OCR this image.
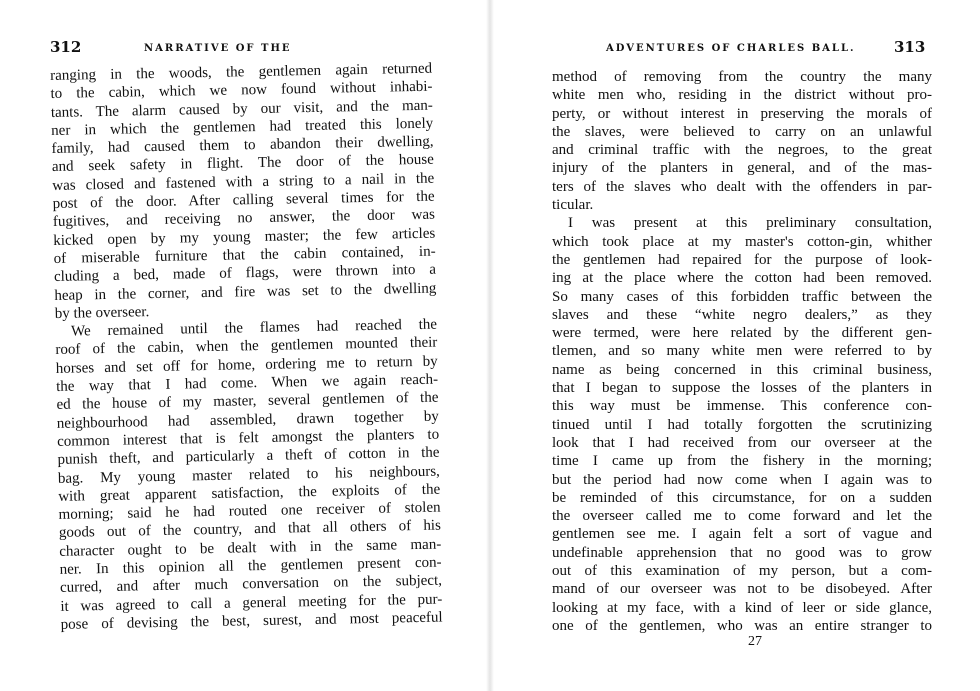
312	NARRATIVE OF THE
ranging in the woods, the gentlemen again returned
to the cabin, which we now found without inhabi-
tants. The alarm caused by our visit, and the man-
ner in which the gentlemen had treated this lonely
family, had caused them to abandon their dwelling,
and seek safety in flight. The door of the house
was closed and fastened with a string to a nail in the
post of the door. After calling several times for the
fugitives, and receiving no answer, the door was
kicked open by my young master; the few articles
of miserable furniture that the cabin contained, in-
cluding a bed, made of flags, were thrown into a
heap in the corner, and fire was set to the dwelling
by the overseer.
We remained until the flames had reached the
roof of the cabin, when the gentlemen mounted their
horses and set off for home, ordering me to return by
the way that I had come. When we again reach-
ed the house of my master, several gentlemen of the
neighbourhood had assembled, drawn together by
common interest that is felt amongst the planters to
punish theft, and particularly a theft of cotton in the
bag. My young master related to his neighbours,
with great apparent satisfaction, the exploits of the
morning; said he had routed one receiver of stolen
goods out of the country, and that all others of his
character ought to be dealt with in the same man-
ner. In this opinion all the gentlemen present con-
curred, and after much conversation on the subject,
it was agreed to call a general meeting for the pur-
pose of devising the best, surest, and most peaceful
ADVENTURES OF CHARLES BALL.	313
method of removing from the country the many
white men who, residing in the district without pro-
perty, or without interest in preserving the morals of
the slaves, were believed to carry on an unlawful
and criminal traffic with the negroes, to the great
injury of the planters in general, and of the mas-
ters of the slaves who dealt with the offenders in par-
ticular.
I was present at this preliminary consultation,
which took place at my master's cotton-gin, whither
the gentlemen had repaired for the purpose of look-
ing at the place where the cotton had been removed.
So many cases of this forbidden traffic between the
slaves and these “white negro dealers,” as they
were termed, were here related by the different gen-
tlemen, and so many white men were referred to by
name as being concerned in this criminal business,
that I began to suppose the losses of the planters in
this way must be immense. This conference con-
tinued until I had totally forgotten the scrutinizing
look that I had received from our overseer at the
time I came up from the fishery in the morning;
but the period had now come when I again was to
be reminded of this circumstance, for on a sudden
the overseer called me to come forward and let the
gentlemen see me. I again felt a sort of vague and
undefinable apprehension that no good was to grow
out of this examination of my person, but a com-
mand of our overseer was not to be disobeyed. After
looking at my face, with a kind of leer or side glance,
one of the gentlemen, who was an entire stranger to
27
